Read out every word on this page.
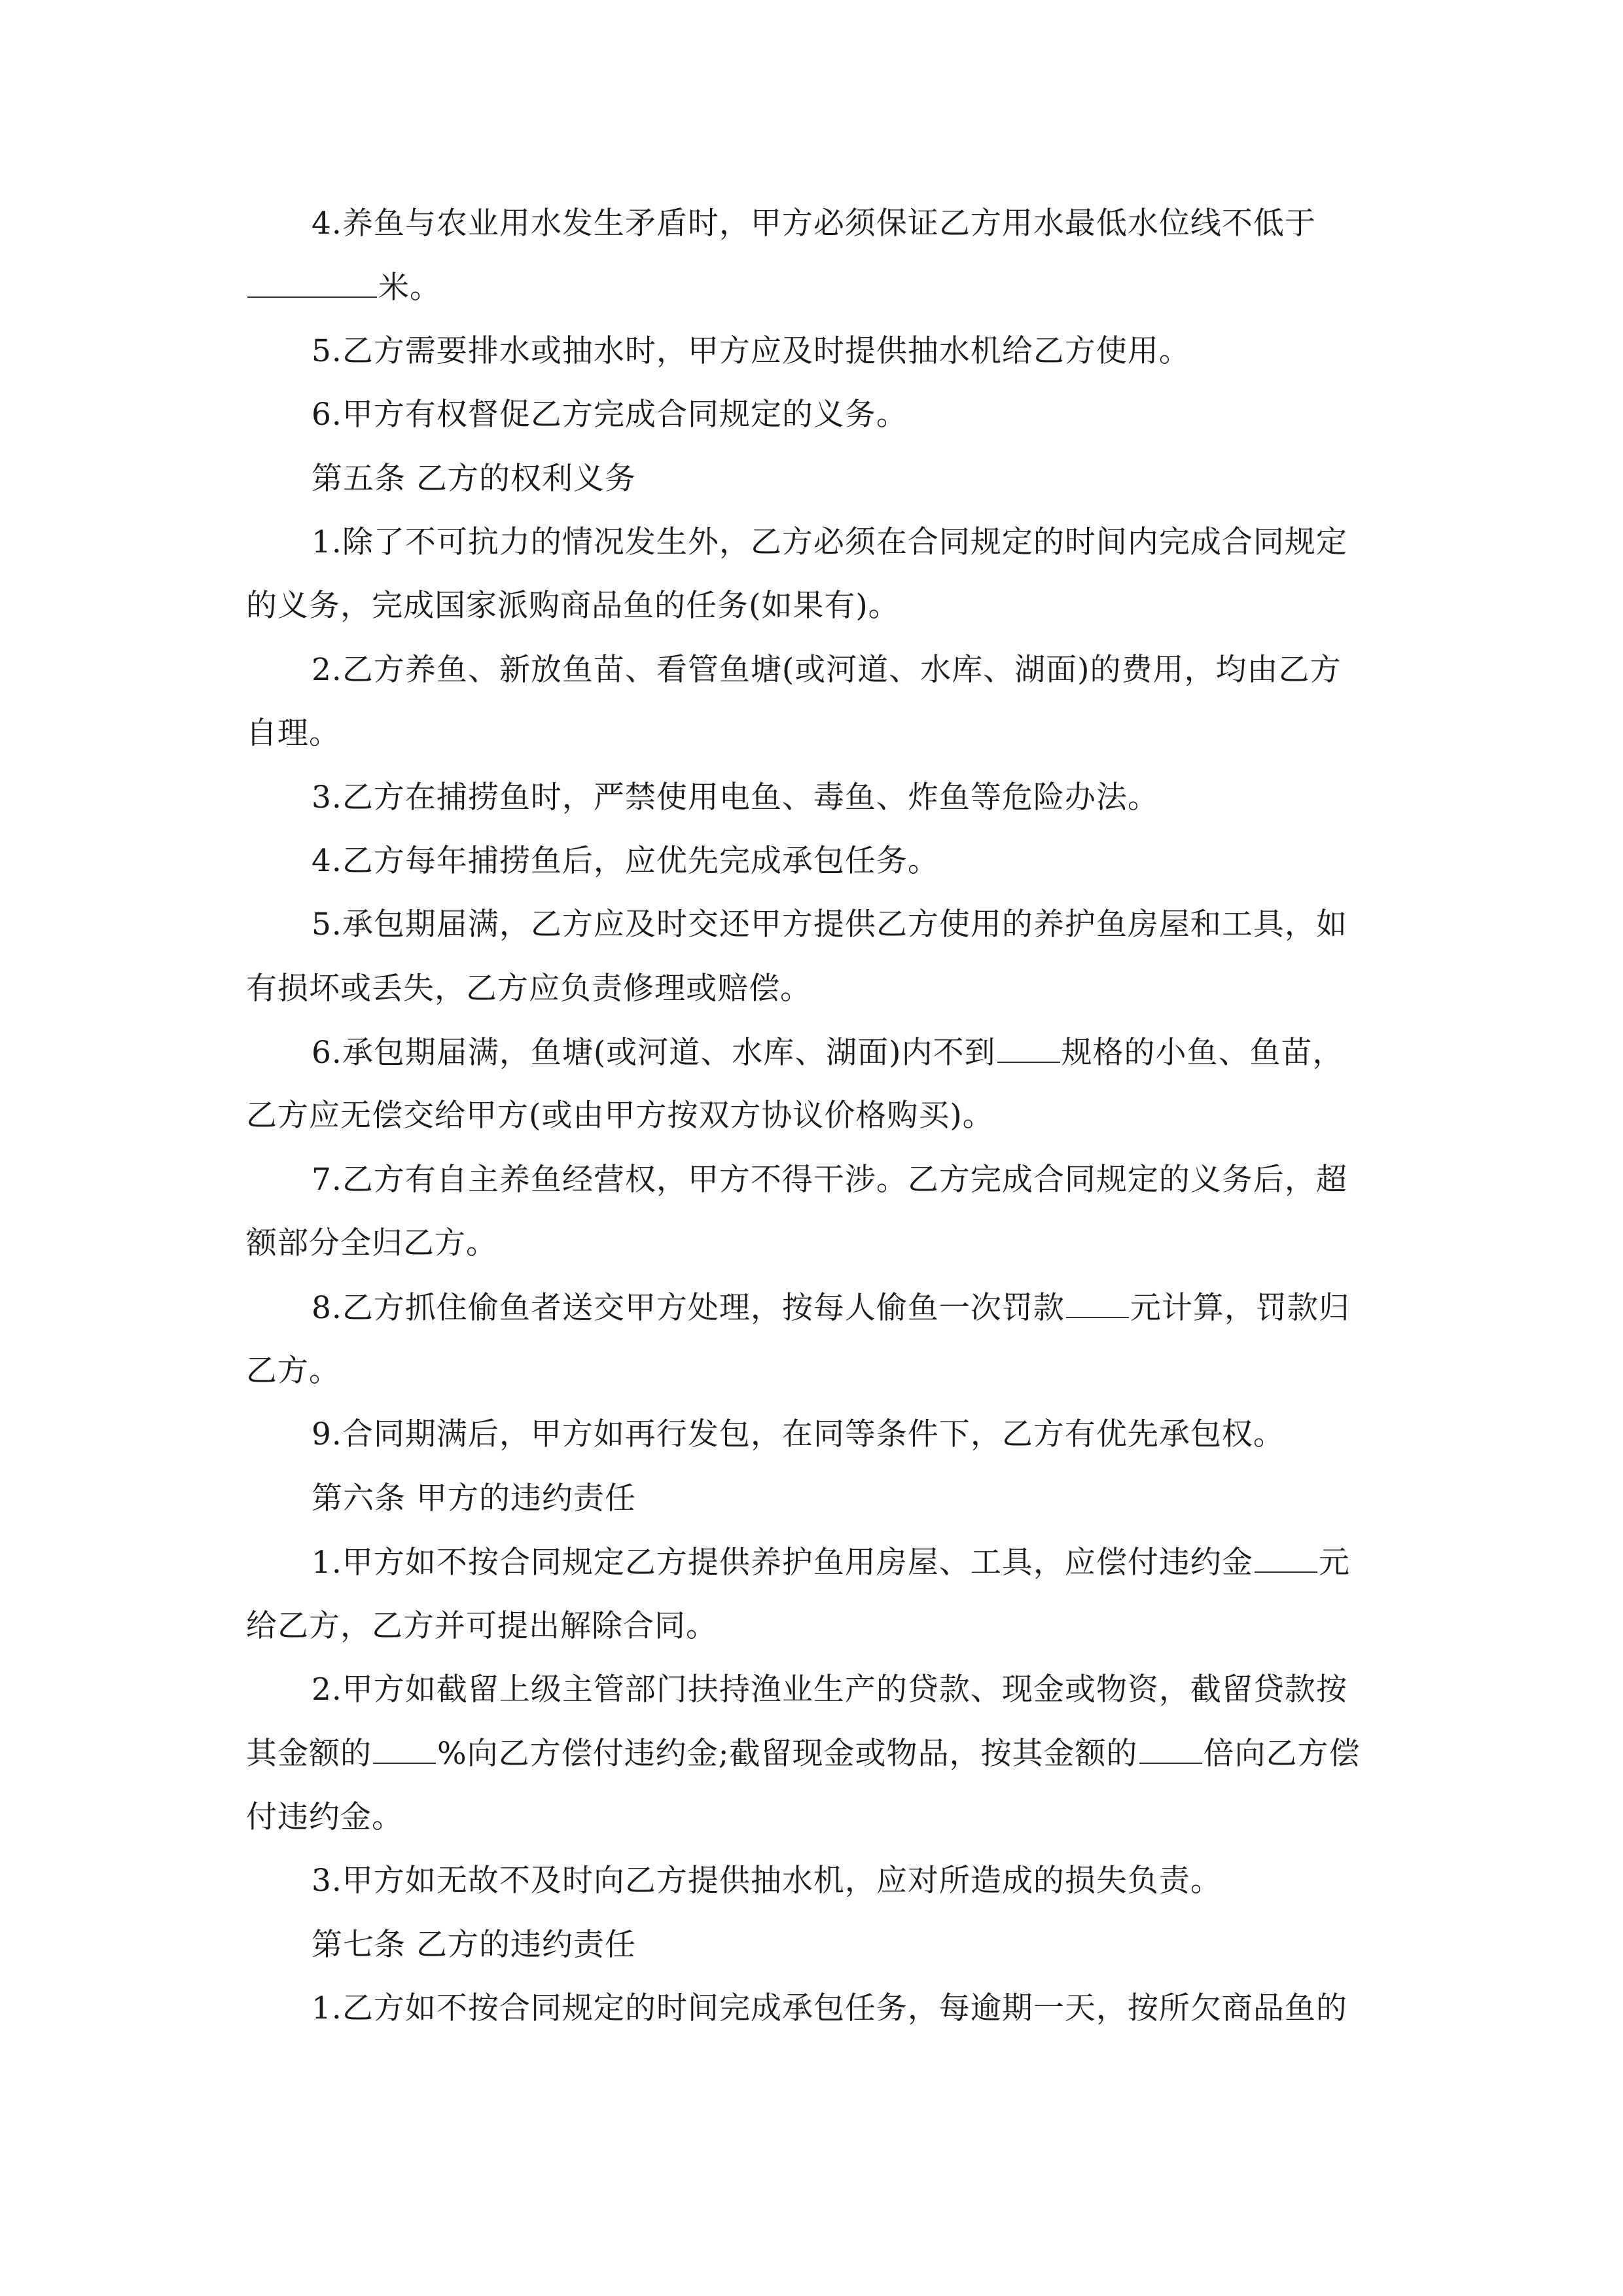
4.养鱼与农业用水发生矛盾时，甲方必须保证乙方用水最低水位线不低于
米。
5.乙方需要排水或抽水时，甲方应及时提供抽水机给乙方使用。
6.甲方有权督促乙方完成合同规定的义务。
第五条 乙方的权利义务
1.除了不可抗力的情况发生外，乙方必须在合同规定的时间内完成合同规定
的义务，完成国家派购商品鱼的任务(如果有)。
2.乙方养鱼、新放鱼苗、看管鱼塘(或河道、水库、湖面)的费用，均由乙方
自理。
3.乙方在捕捞鱼时，严禁使用电鱼、毒鱼、炸鱼等危险办法。
4.乙方每年捕捞鱼后，应优先完成承包任务。
5.承包期届满，乙方应及时交还甲方提供乙方使用的养护鱼房屋和工具，如
有损坏或丢失，乙方应负责修理或赔偿。
6.承包期届满，鱼塘(或河道、水库、湖面)内不到 规格的小鱼、鱼苗，
乙方应无偿交给甲方(或由甲方按双方协议价格购买)。
7.乙方有自主养鱼经营权，甲方不得干涉。乙方完成合同规定的义务后，超
额部分全归乙方。
8.乙方抓住偷鱼者送交甲方处理，按每人偷鱼一次罚款 元计算，罚款归
乙方。
9.合同期满后，甲方如再行发包，在同等条件下，乙方有优先承包权。
第六条 甲方的违约责任
1.甲方如不按合同规定乙方提供养护鱼用房屋、工具，应偿付违约金 元
给乙方，乙方并可提出解除合同。
2.甲方如截留上级主管部门扶持渔业生产的贷款、现金或物资，截留贷款按
其金额的 %向乙方偿付违约金;截留现金或物品，按其金额的 倍向乙方偿
付违约金。
3.甲方如无故不及时向乙方提供抽水机，应对所造成的损失负责。
第七条 乙方的违约责任
1.乙方如不按合同规定的时间完成承包任务，每逾期一天，按所欠商品鱼的
